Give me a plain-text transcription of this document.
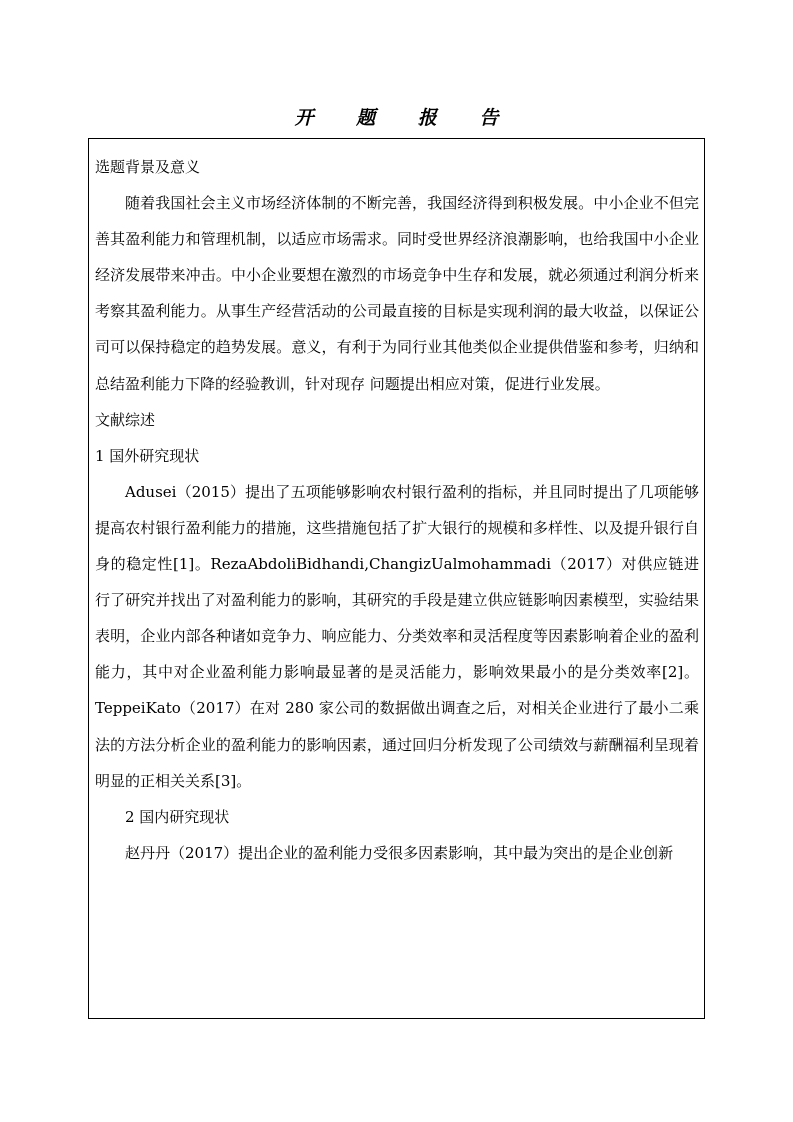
开 题 报 告

选题背景及意义

随着我国社会主义市场经济体制的不断完善，我国经济得到积极发展。中小企业不但完善其盈利能力和管理机制，以适应市场需求。同时受世界经济浪潮影响，也给我国中小企业经济发展带来冲击。中小企业要想在激烈的市场竞争中生存和发展，就必须通过利润分析来考察其盈利能力。从事生产经营活动的公司最直接的目标是实现利润的最大收益，以保证公司可以保持稳定的趋势发展。意义，有利于为同行业其他类似企业提供借鉴和参考，归纳和总结盈利能力下降的经验教训，针对现存 问题提出相应对策，促进行业发展。

文献综述

1 国外研究现状

Adusei（2015）提出了五项能够影响农村银行盈利的指标，并且同时提出了几项能够提高农村银行盈利能力的措施，这些措施包括了扩大银行的规模和多样性、以及提升银行自身的稳定性[1]。RezaAbdoliBidhandi,ChangizUalmohammadi（2017）对供应链进行了研究并找出了对盈利能力的影响，其研究的手段是建立供应链影响因素模型，实验结果表明，企业内部各种诸如竞争力、响应能力、分类效率和灵活程度等因素影响着企业的盈利能力，其中对企业盈利能力影响最显著的是灵活能力，影响效果最小的是分类效率[2]。TeppeiKato（2017）在对 280 家公司的数据做出调查之后，对相关企业进行了最小二乘法的方法分析企业的盈利能力的影响因素，通过回归分析发现了公司绩效与薪酬福利呈现着明显的正相关关系[3]。

2 国内研究现状

赵丹丹（2017）提出企业的盈利能力受很多因素影响，其中最为突出的是企业创新
